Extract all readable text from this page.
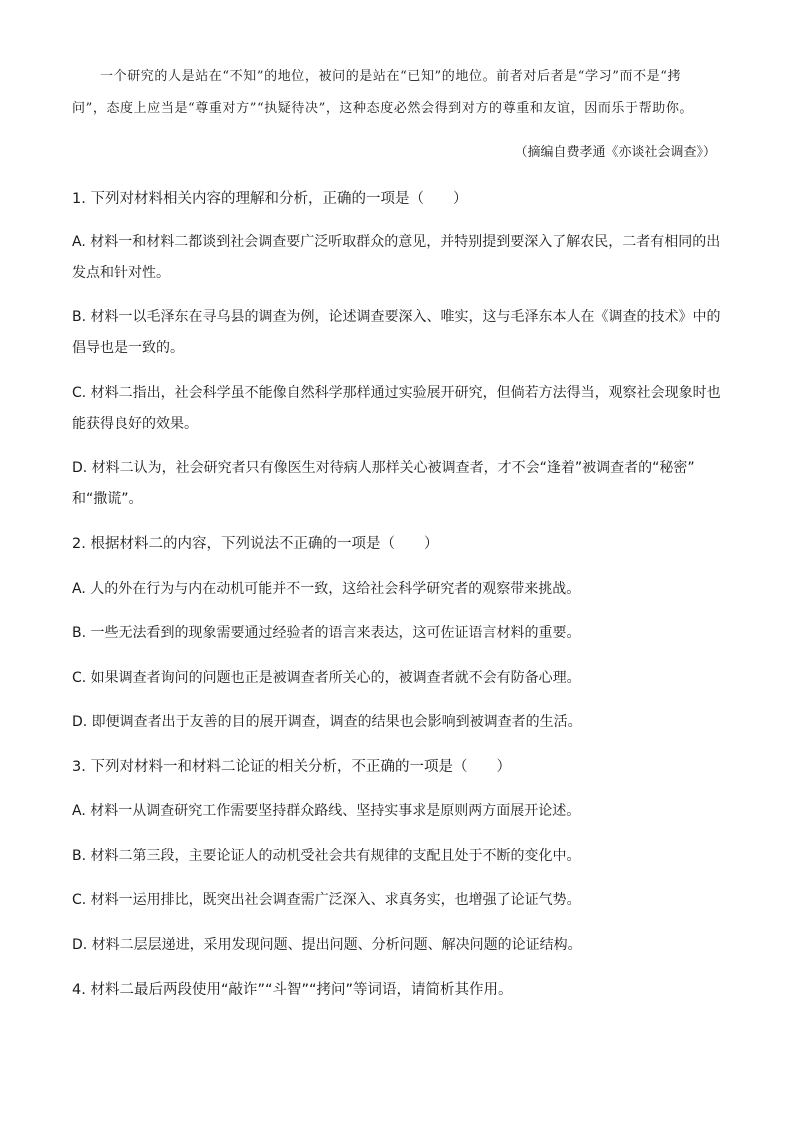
一个研究的人是站在“不知”的地位，被问的是站在“已知”的地位。前者对后者是“学习”而不是“拷
问”，态度上应当是“尊重对方”“执疑待决”，这种态度必然会得到对方的尊重和友谊，因而乐于帮助你。
（摘编自费孝通《亦谈社会调查》）
1. 下列对材料相关内容的理解和分析，正确的一项是（　　）
A. 材料一和材料二都谈到社会调查要广泛听取群众的意见，并特别提到要深入了解农民，二者有相同的出
发点和针对性。
B. 材料一以毛泽东在寻乌县的调查为例，论述调查要深入、唯实，这与毛泽东本人在《调查的技术》中的
倡导也是一致的。
C. 材料二指出，社会科学虽不能像自然科学那样通过实验展开研究，但倘若方法得当，观察社会现象时也
能获得良好的效果。
D. 材料二认为，社会研究者只有像医生对待病人那样关心被调查者，才不会“逢着”被调查者的“秘密”
和“撒谎”。
2. 根据材料二的内容，下列说法不正确的一项是（　　）
A. 人的外在行为与内在动机可能并不一致，这给社会科学研究者的观察带来挑战。
B. 一些无法看到的现象需要通过经验者的语言来表达，这可佐证语言材料的重要。
C. 如果调查者询问的问题也正是被调查者所关心的，被调查者就不会有防备心理。
D. 即便调查者出于友善的目的展开调查，调查的结果也会影响到被调查者的生活。
3. 下列对材料一和材料二论证的相关分析，不正确的一项是（　　）
A. 材料一从调查研究工作需要坚持群众路线、坚持实事求是原则两方面展开论述。
B. 材料二第三段，主要论证人的动机受社会共有规律的支配且处于不断的变化中。
C. 材料一运用排比，既突出社会调查需广泛深入、求真务实，也增强了论证气势。
D. 材料二层层递进，采用发现问题、提出问题、分析问题、解决问题的论证结构。
4. 材料二最后两段使用“敲诈”“斗智”“拷问”等词语，请简析其作用。
